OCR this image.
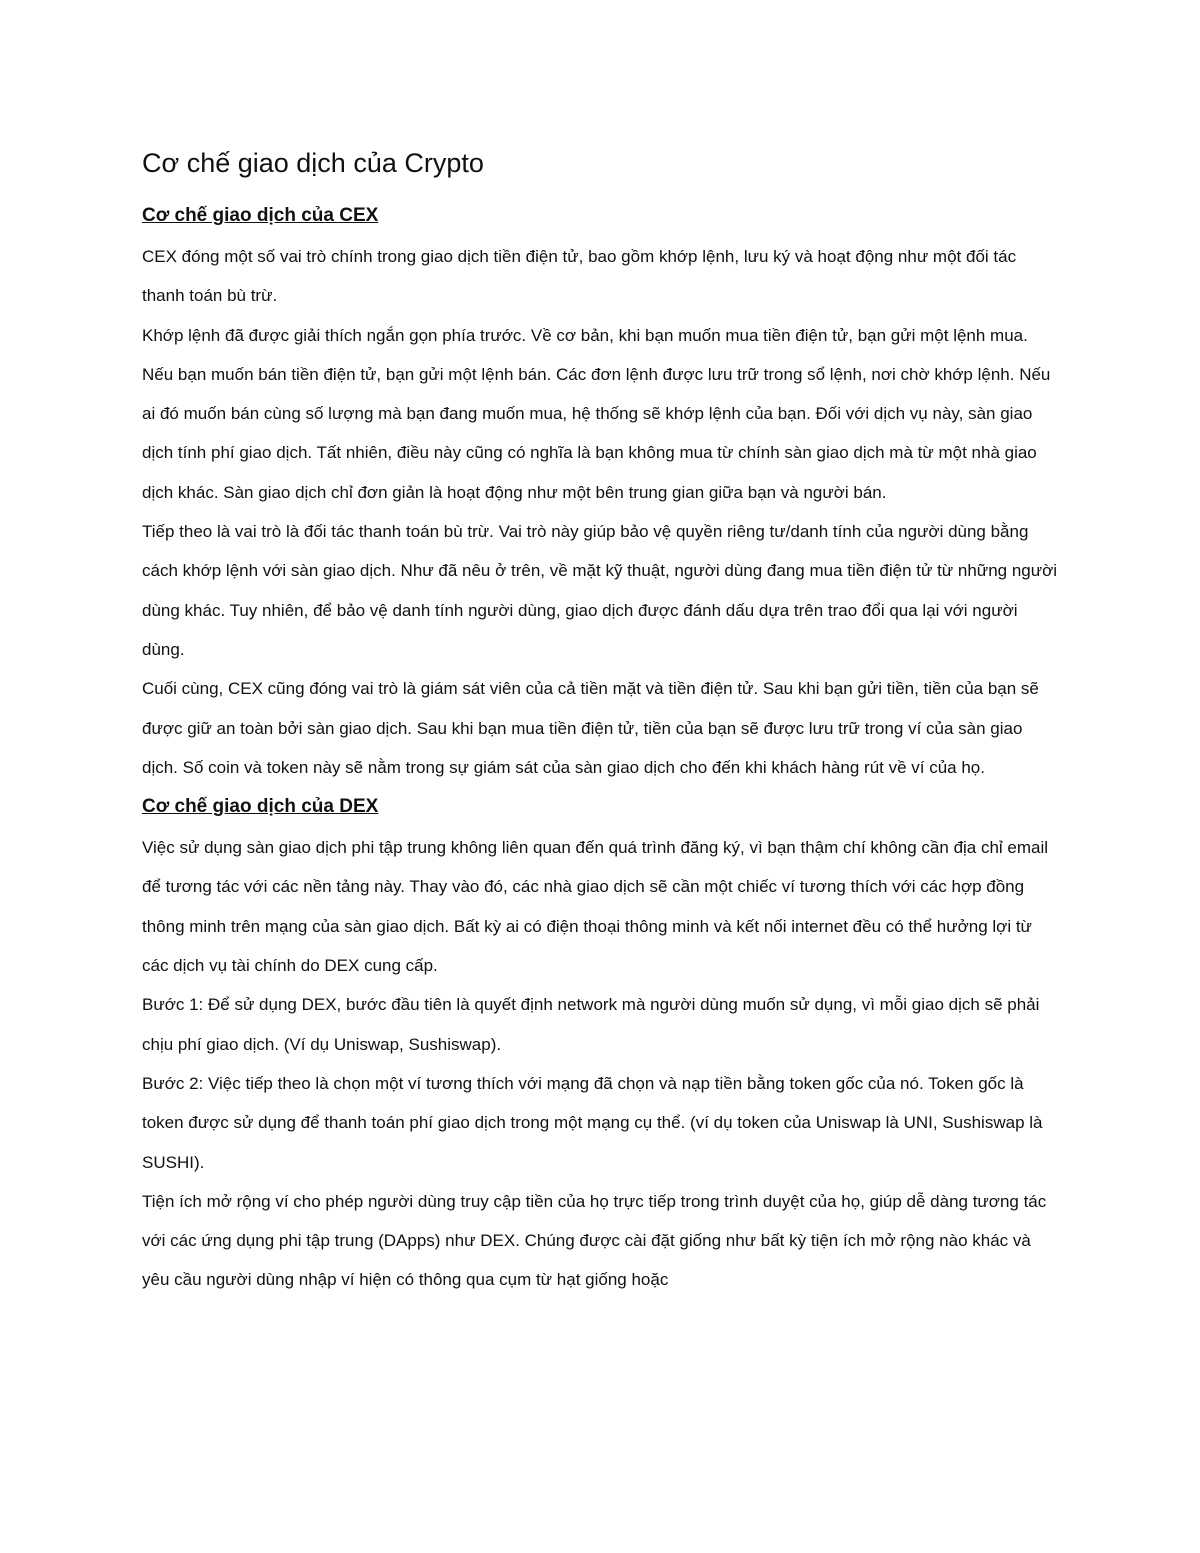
Cơ chế giao dịch của Crypto
Cơ chế giao dịch của CEX

CEX đóng một số vai trò chính trong giao dịch tiền điện tử, bao gồm khớp lệnh, lưu ký và hoạt động như một đối tác thanh toán bù trừ.

Khớp lệnh đã được giải thích ngắn gọn phía trước. Về cơ bản, khi bạn muốn mua tiền điện tử, bạn gửi một lệnh mua. Nếu bạn muốn bán tiền điện tử, bạn gửi một lệnh bán. Các đơn lệnh được lưu trữ trong sổ lệnh, nơi chờ khớp lệnh. Nếu ai đó muốn bán cùng số lượng mà bạn đang muốn mua, hệ thống sẽ khớp lệnh của bạn. Đối với dịch vụ này, sàn giao dịch tính phí giao dịch. Tất nhiên, điều này cũng có nghĩa là bạn không mua từ chính sàn giao dịch mà từ một nhà giao dịch khác. Sàn giao dịch chỉ đơn giản là hoạt động như một bên trung gian giữa bạn và người bán.

Tiếp theo là vai trò là đối tác thanh toán bù trừ. Vai trò này giúp bảo vệ quyền riêng tư/danh tính của người dùng bằng cách khớp lệnh với sàn giao dịch. Như đã nêu ở trên, về mặt kỹ thuật, người dùng đang mua tiền điện tử từ những người dùng khác. Tuy nhiên, để bảo vệ danh tính người dùng, giao dịch được đánh dấu dựa trên trao đổi qua lại với người dùng.

Cuối cùng, CEX cũng đóng vai trò là giám sát viên của cả tiền mặt và tiền điện tử. Sau khi bạn gửi tiền, tiền của bạn sẽ được giữ an toàn bởi sàn giao dịch. Sau khi bạn mua tiền điện tử, tiền của bạn sẽ được lưu trữ trong ví của sàn giao dịch. Số coin và token này sẽ nằm trong sự giám sát của sàn giao dịch cho đến khi khách hàng rút về ví của họ.

Cơ chế giao dịch của DEX

Việc sử dụng sàn giao dịch phi tập trung không liên quan đến quá trình đăng ký, vì bạn thậm chí không cần địa chỉ email để tương tác với các nền tảng này. Thay vào đó, các nhà giao dịch sẽ cần một chiếc ví tương thích với các hợp đồng thông minh trên mạng của sàn giao dịch. Bất kỳ ai có điện thoại thông minh và kết nối internet đều có thể hưởng lợi từ các dịch vụ tài chính do DEX cung cấp.

Bước 1: Để sử dụng DEX, bước đầu tiên là quyết định network mà người dùng muốn sử dụng, vì mỗi giao dịch sẽ phải chịu phí giao dịch. (Ví dụ Uniswap, Sushiswap).

Bước 2: Việc tiếp theo là chọn một ví tương thích với mạng đã chọn và nạp tiền bằng token gốc của nó. Token gốc là token được sử dụng để thanh toán phí giao dịch trong một mạng cụ thể. (ví dụ token của Uniswap là UNI, Sushiswap là SUSHI).

Tiện ích mở rộng ví cho phép người dùng truy cập tiền của họ trực tiếp trong trình duyệt của họ, giúp dễ dàng tương tác với các ứng dụng phi tập trung (DApps) như DEX. Chúng được cài đặt giống như bất kỳ tiện ích mở rộng nào khác và yêu cầu người dùng nhập ví hiện có thông qua cụm từ hạt giống hoặc
